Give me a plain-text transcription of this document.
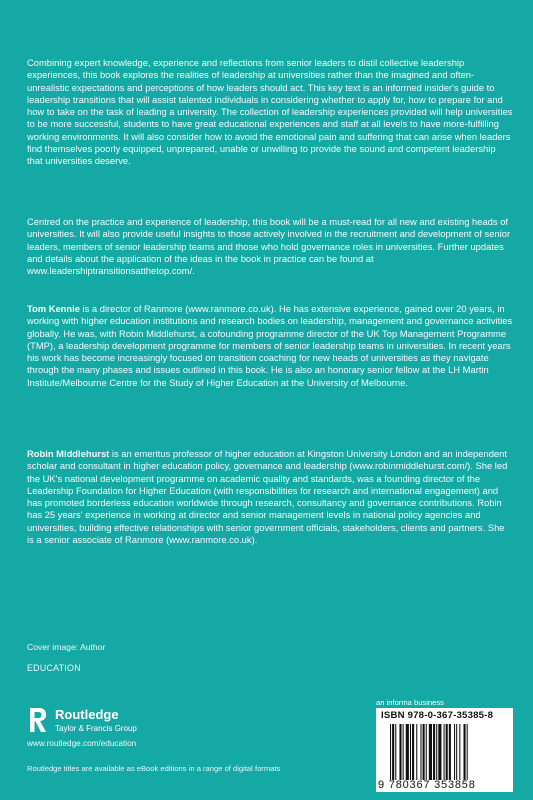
Combining expert knowledge, experience and reflections from senior leaders to distil collective leadership experiences, this book explores the realities of leadership at universities rather than the imagined and often-unrealistic expectations and perceptions of how leaders should act. This key text is an informed insider's guide to leadership transitions that will assist talented individuals in considering whether to apply for, how to prepare for and how to take on the task of leading a university. The collection of leadership experiences provided will help universities to be more successful, students to have great educational experiences and staff at all levels to have more-fulfilling working environments. It will also consider how to avoid the emotional pain and suffering that can arise when leaders find themselves poorly equipped, unprepared, unable or unwilling to provide the sound and competent leadership that universities deserve.

Centred on the practice and experience of leadership, this book will be a must-read for all new and existing heads of universities. It will also provide useful insights to those actively involved in the recruitment and development of senior leaders, members of senior leadership teams and those who hold governance roles in universities. Further updates and details about the application of the ideas in the book in practice can be found at www.leadershiptransitionsatthetop.com/.

Tom Kennie is a director of Ranmore (www.ranmore.co.uk). He has extensive experience, gained over 20 years, in working with higher education institutions and research bodies on leadership, management and governance activities globally. He was, with Robin Middlehurst, a cofounding programme director of the UK Top Management Programme (TMP), a leadership development programme for members of senior leadership teams in universities. In recent years his work has become increasingly focused on transition coaching for new heads of universities as they navigate through the many phases and issues outlined in this book. He is also an honorary senior fellow at the LH Martin Institute/Melbourne Centre for the Study of Higher Education at the University of Melbourne.

Robin Middlehurst is an emeritus professor of higher education at Kingston University London and an independent scholar and consultant in higher education policy, governance and leadership (www.robinmiddlehurst.com/). She led the UK's national development programme on academic quality and standards, was a founding director of the Leadership Foundation for Higher Education (with responsibilities for research and international engagement) and has promoted borderless education worldwide through research, consultancy and governance contributions. Robin has 25 years' experience in working at director and senior management levels in national policy agencies and universities, building effective relationships with senior government officials, stakeholders, clients and partners. She is a senior associate of Ranmore (www.ranmore.co.uk).

Cover image: Author
EDUCATION
Routledge
Taylor & Francis Group
www.routledge.com/education
Routledge titles are available as eBook editions in a range of digital formats
an informa business
ISBN 978-0-367-35385-8
9 780367 353858
